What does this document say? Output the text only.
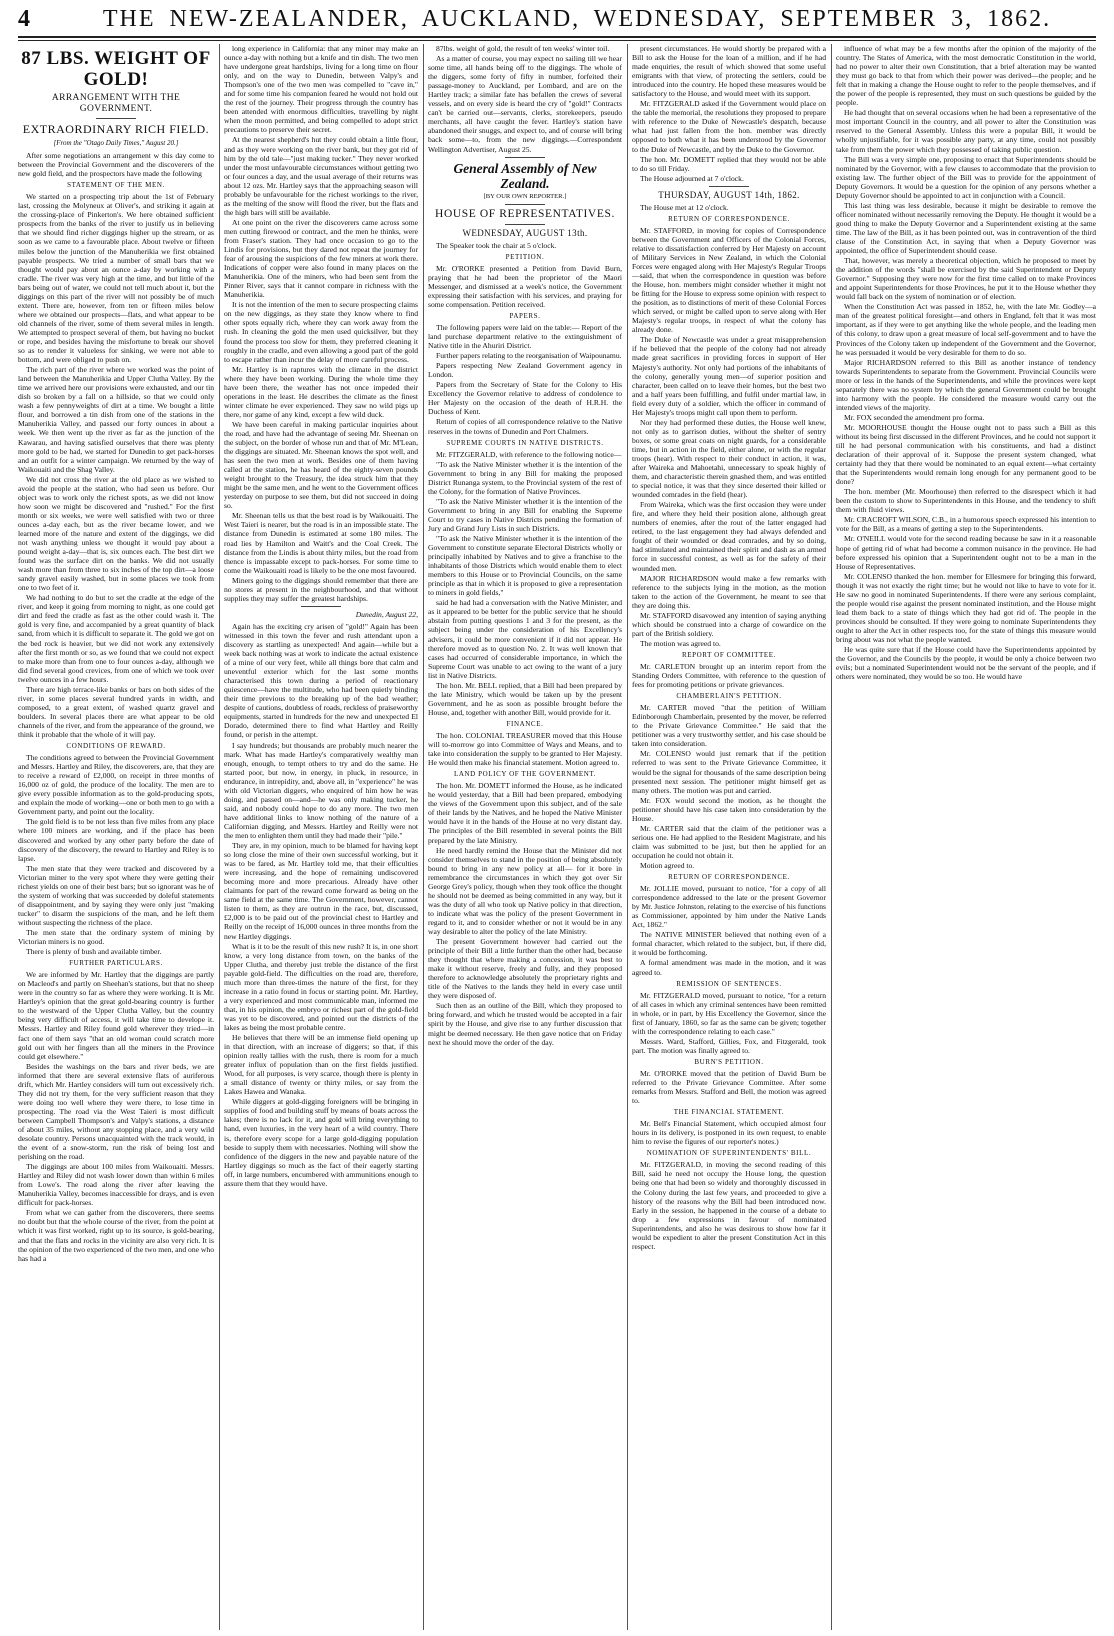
4	THE NEW-ZEALANDER, AUCKLAND, WEDNESDAY, SEPTEMBER 3, 1862.
87 LBS. WEIGHT OF GOLD!
ARRANGEMENT WITH THE GOVERNMENT.
EXTRAORDINARY RICH FIELD.
[From the "Otago Daily Times," August 20.]

After some negotiations an arrangement w this day come to between the Provincial Government and the discoverers of the new gold field, and the prospectors have made the following

STATEMENT OF THE MEN.

We started on a prospecting trip about the 1st of February last, crossing the Molyneux at Oliver's, and striking it again at the crossing-place of Pinkerton's. We here obtained sufficient prospects from the banks of the river to justify us in believing that we should find richer diggings higher up the stream, or as soon as we came to a favourable place. About twelve or fifteen miles below the junction of the Manuherikia we first obtained payable prospects. We tried a number of small bars that we thought would pay about an ounce a-day by working with a cradle. The river was very high at the time, and but little of the bars being out of water, we could not tell much about it, but the diggings on this part of the river will not possibly be of much extent. There are, however, from ten or fifteen miles below where we obtained our prospects—flats, and what appear to be old channels of the river, some of them several miles in length. We attempted to prospect several of them, but having no bucket or rope, and besides having the misfortune to break our shovel so as to render it valueless for sinking, we were not able to bottom, and were obliged to push on.

The rich part of the river where we worked was the point of land between the Manuherikia and Upper Clutha Valley. By the time we arrived here our provisions were exhausted, and our tin dish so broken by a fall on a hillside, so that we could only wash a few pennyweights of dirt at a time. We bought a little flour, and borrowed a tin dish from one of the stations in the Manuherikia Valley, and passed our forty ounces in about a week. We then went up the river as far as the junction of the Kawarau, and having satisfied ourselves that there was plenty more gold to be had, we started for Dunedin to get pack-horses and an outfit for a winter campaign. We returned by the way of Waikouaiti and the Shag Valley.

We did not cross the river at the old place as we wished to avoid the people at the station, who had seen us before. Our object was to work only the richest spots, as we did not know how soon we might be discovered and "rushed." For the first month or six weeks, we were well satisfied with two or three ounces a-day each, but as the river became lower, and we learned more of the nature and extent of the diggings, we did not wash anything unless we thought it would pay about a pound weight a-day—that is, six ounces each. The best dirt we found was the surface dirt on the banks. We did not usually wash more than from three to six inches of the top dirt—a loose sandy gravel easily washed, but in some places we took from one to two feet of it.

We had nothing to do but to set the cradle at the edge of the river, and keep it going from morning to night, as one could get dirt and feed the cradle as fast as the other could wash it. The gold is very fine, and accompanied by a great quantity of black sand, from which it is difficult to separate it. The gold we got on the bed rock is heavier, but we did not work any extensively after the first month or so, as we found that we could not expect to make more than from one to four ounces a-day, although we did find several good crevices, from one of which we took over twelve ounces in a few hours.

There are high terrace-like banks or bars on both sides of the river, in some places several hundred yards in width, and composed, to a great extent, of washed quartz gravel and boulders. In several places there are what appear to be old channels of the river, and from the appearance of the ground, we think it probable that the whole of it will pay.

CONDITIONS OF REWARD.

The conditions agreed to between the Provincial Government and Messrs. Hartley and Riley, the discoverers, are, that they are to receive a reward of £2,000, on receipt in three months of 16,000 oz of gold, the produce of the locality. The men are to give every possible information as to the gold-producing spots, and explain the mode of working—one or both men to go with a Government party, and point out the locality.

The gold field is to be not less than five miles from any place where 100 miners are working, and if the place has been discovered and worked by any other party before the date of discovery of the discovery, the reward to Hartley and Riley is to lapse.

The men state that they were tracked and discovered by a Victorian miner to the very spot where they were getting their richest yields on one of their best bars; but so ignorant was he of the system of working that was succeeded by doleful statements of disappointment, and by saying they were only just "making tucker" to disarm the suspicions of the man, and he left them without suspecting the richness of the place.

The men state that the ordinary system of mining by Victorian miners is no good.

There is plenty of bush and available timber.

FURTHER PARTICULARS.

We are informed by Mr. Hartley that the diggings are partly on Macleod's and partly on Sheehan's stations, but that no sheep were in the country so far as where they were working. It is Mr. Hartley's opinion that the great gold-bearing country is further to the westward of the Upper Clutha Valley, but the country being very difficult of access, it will take time to develope it. Messrs. Hartley and Riley found gold wherever they tried—in fact one of them says "that an old woman could scratch more gold out with her fingers than all the miners in the Province could get elsewhere."

Besides the washings on the bars and river beds, we are informed that there are several extensive flats of auriferous drift, which Mr. Hartley considers will turn out excessively rich. They did not try them, for the very sufficient reason that they were doing too well where they were there, to lose time in prospecting. The road via the West Taieri is most difficult between Campbell Thompson's and Valpy's stations, a distance of about 35 miles, without any stopping place, and a very wild desolate country. Persons unacquainted with the track would, in the event of a snow-storm, run the risk of being lost and perishing on the road.

The diggings are about 100 miles from Waikouaiti. Messrs. Hartley and Riley did not wash lower down than within 6 miles from Lowe's. The road along the river after leaving the Manuherikia Valley, becomes inaccessible for drays, and is even difficult for pack-horses.

From what we can gather from the discoverers, there seems no doubt but that the whole course of the river, from the point at which it was first worked, right up to its source, is gold-bearing, and that the flats and rocks in the vicinity are also very rich. It is the opinion of the two experienced of the two men, and one who has had a

long experience in California: that any miner may make an ounce a-day with nothing but a knife and tin dish. The two men have undergone great hardships, living for a long time on flour only, and on the way to Dunedin, between Valpy's and Thompson's one of the two men was compelled to "cave in," and for some time his companion feared he would not hold out the rest of the journey. Their progress through the country has been attended with enormous difficulties, travelling by night when the moon permitted, and being compelled to adopt strict precautions to preserve their secret.

At the nearest shepherd's hut they could obtain a little flour, and as they were working on the river bank, but they got rid of him by the old tale—"just making tucker." They never worked under the most unfavourable circumstances without getting two or four ounces a day, and the usual average of their returns was about 12 ozs. Mr. Hartley says that the approaching season will probably be unfavourable for the richest workings to the river, as the melting of the snow will flood the river, but the flats and the high bars will still be available.

At one point on the river the discoverers came across some men cutting firewood or contract, and the men he thinks, were from Fraser's station. They had once occasion to go to the Lindis for provisions, but they dared not repeat the journey for fear of arousing the suspicions of the few miners at work there. Indications of copper were also found in many places on the Manuherikia. One of the miners, who had been sent from the Pinner River, says that it cannot compare in richness with the Manuherikia.

It is not the intention of the men to secure prospecting claims on the new diggings, as they state they know where to find other spots equally rich, where they can work away from the rush. In cleaning the gold the men used quicksilver, but they found the process too slow for them, they preferred cleaning it roughly in the cradle, and even allowing a good part of the gold to escape rather than incur the delay of more careful process.

Mr. Hartley is in raptures with the climate in the district where they have been working. During the whole time they have been there, the weather has not once impeded their operations in the least. He describes the climate as the finest winter climate he ever experienced. They saw no wild pigs up there, nor game of any kind, except a few wild duck.

We have been careful in making particular inquiries about the road, and have had the advantage of seeing Mr. Sheenan on the subject, on the border of whose run and that of Mr. M'Lean, the diggings are situated. Mr. Sheenan knows the spot well, and has seen the two men at work. Besides one of them having called at the station, he has heard of the eighty-seven pounds weight brought to the Treasury, the idea struck him that they might be the same men, and he went to the Government offices yesterday on purpose to see them, but did not succeed in doing so.

Mr. Sheenan tells us that the best road is by Waikouaiti. The West Taieri is nearer, but the road is in an impossible state. The distance from Dunedin is estimated at some 180 miles. The road lies by Hamilton and Waitt's and the Coal Creek. The distance from the Lindis is about thirty miles, but the road from thence is impassable except to pack-horses. For some time to come the Waikouaiti road is likely to be the one most favoured.

Miners going to the diggings should remember that there are no stores at present in the neighbourhood, and that without supplies they may suffer the greatest hardships.

Dunedin, August 22,

Again has the exciting cry arisen of "gold!" Again has been witnessed in this town the fever and rush attendant upon a discovery as startling as unexpected! And again—while but a week back nothing was at work to indicate the actual existence of a mine of our very feet, while all things bore that calm and uneventful exterior which for the last some months characterised this town during a period of reactionary quiescence—have the multitude, who had been quietly binding their time previous to the breaking up of the bad weather; despite of cautions, doubtless of roads, reckless of praiseworthy equipments, started in hundreds for the new and unexpected El Dorado, determined there to find what Hartley and Reilly found, or perish in the attempt.

I say hundreds; but thousands are probably much nearer the mark. What has made Hartley's comparatively wealthy man enough, enough, to tempt others to try and do the same. He started poor, but now, in energy, in pluck, in resource, in endurance, in intrepidity, and, above all, in "experience" he was with old Victorian diggers, who enquired of him how he was doing, and passed on—and—he was only making tucker, he said, and nobody could hope to do any more. The two men have additional links to know nothing of the nature of a Californian digging, and Messrs. Hartley and Reilly were not the men to enlighten them until they had made their "pile."

They are, in my opinion, much to be blamed for having kept so long close the mine of their own successful working, but it was to be fared, as Mr. Hartley told me, that their efficulties were increasing, and the hope of remaining undiscovered becoming more and more precarious. Already have other claimants for part of the reward come forward as being on the same field at the same time. The Government, however, cannot listen to them, as they are outrun in the race, but, discussed, £2,000 is to be paid out of the provincial chest to Hartley and Reilly on the receipt of 16,000 ounces in three months from the new Hartley diggings.

What is it to be the result of this new rush? It is, in one short know, a very long distance from town, on the banks of the Upper Clutha, and thereby just treble the distance of the first payable gold-field. The difficulties on the road are, therefore, much more than three-times the nature of the first, for they increase in a ratio found in focus or starting point. Mr. Hartley, a very experienced and most communicable man, informed me that, in his opinion, the embryo or richest part of the gold-field was yet to be discovered, and pointed out the districts of the lakes as being the most probable centre.

He believes that there will be an immense field opening up in that direction, with an increase of diggers; so that, if this opinion really tallies with the rush, there is room for a much greater influx of population than on the first fields justified. Wood, for all purposes, is very scarce, though there is plenty in a small distance of twenty or thirty miles, or say from the Lakes Hawea and Wanaka.

While diggers at gold-digging foreigners will be bringing in supplies of food and building stuff by means of boats across the lakes; there is no lack for it, and gold will bring everything to hand, even luxuries, in the very heart of a wild country. There is, therefore every scope for a large gold-digging population beside to supply them with necessaries. Nothing will show the confidence of the diggers in the new and payable nature of the Hartley diggings so much as the fact of their eagerly starting off, in large numbers, encumbered with ammunitions enough to assure them that they would have.

87lbs. weight of gold, the result of ten weeks' winter toil.

As a matter of course, you may expect no sailing till we hear some time, all hands being off to the diggings. The whole of the diggers, some forty of fifty in number, forfeited their passage-money to Auckland, per Lombard, and are on the Hartley track; a similar fate has befallen the crews of several vessels, and on every side is heard the cry of "gold!" Contracts can't be carried out—servants, clerks, storekeepers, pseudo merchants, all have caught the fever. Hartley's station have abandoned their snuggs, and expect to, and of course will bring back some—to, from the new diggings.—Correspondent Wellington Advertiser, August 25.

General Assembly of New Zealand.
[BY OUR OWN REPORTER.]
HOUSE OF REPRESENTATIVES.
WEDNESDAY, AUGUST 13th.

The Speaker took the chair at 5 o'clock.

PETITION.

Mr. O'RORKE presented a Petition from David Burn, praying that he had been the proprietor of the Maori Messenger, and dismissed at a week's notice, the Government expressing their satisfaction with his services, and praying for some compensation. Petition received.

PAPERS.

The following papers were laid on the table:— Report of the land purchase department relative to the extinguishment of Native title in the Ahuriri District.

Further papers relating to the reorganisation of Waipounamu.

Papers respecting New Zealand Government agency in London.

Papers from the Secretary of State for the Colony to His Excellency the Governor relative to address of condolence to Her Majesty on the occasion of the death of H.R.H. the Duchess of Kent.

Return of copies of all correspondence relative to the Native reserves in the towns of Dunedin and Port Chalmers.

SUPREME COURTS IN NATIVE DISTRICTS.

Mr. FITZGERALD, with reference to the following notice—

"To ask the Native Minister whether it is the intention of the Government to bring in any Bill for making the proposed District Runanga system, to the Provincial system of the rest of the Colony, for the formation of Native Provinces.

"To ask the Native Minister whether it is the intention of the Government to bring in any Bill for enabling the Supreme Court to try cases in Native Districts pending the formation of Jury and Grand Jury Lists in such Districts.

"To ask the Native Minister whether it is the intention of the Government to constitute separate Electoral Districts wholly or principally inhabited by Natives and to give a franchise to the inhabitants of those Districts which would enable them to elect members to this House or to Provincial Councils, on the same principle as that in which it is proposed to give a representation to miners in gold fields,"

said he had had a conversation with the Native Minister, and as it appeared to be better for the public service that he should abstain from putting questions 1 and 3 for the present, as the subject being under the consideration of his Excellency's advisers, it could be more convenient if it did not appear. He therefore moved as to question No. 2. It was well known that cases had occurred of considerable importance, in which the Supreme Court was unable to act owing to the want of a jury list in Native Districts.

The hon. Mr. BELL replied, that a Bill had been prepared by the late Ministry, which would be taken up by the present Government, and he as soon as possible brought before the House, and, together with another Bill, would provide for it.

FINANCE.

The hon. COLONIAL TREASURER moved that this House will to-morrow go into Committee of Ways and Means, and to take into consideration the supply to be granted to Her Majesty. He would then make his financial statement. Motion agreed to.

LAND POLICY OF THE GOVERNMENT.

The hon. Mr. DOMETT informed the House, as he indicated he would yesterday, that a Bill had been prepared, embodying the views of the Government upon this subject, and of the sale of their lands by the Natives, and he hoped the Native Minister would have it in the hands of the House at no very distant day. The principles of the Bill resembled in several points the Bill prepared by the late Ministry.

He need hardly remind the House that the Minister did not consider themselves to stand in the position of being absolutely bound to bring in any new policy at all— for it bore in remembrance the circumstances in which they got over Sir George Grey's policy, though when they took office the thought he should not be deemed as being committed in any way, but it was the duty of all who took up Native policy in that direction, to indicate what was the policy of the present Government in regard to it, and to consider whether or not it would be in any way desirable to alter the policy of the late Ministry.

The present Government however had carried out the principle of their Bill a little further than the other had, because they thought that where making a concession, it was best to make it without reserve, freely and fully, and they proposed therefore to acknowledge absolutely the proprietary rights and title of the Natives to the lands they held in every case until they were disposed of.

Such then as an outline of the Bill, which they proposed to bring forward, and which he trusted would be accepted in a fair spirit by the House, and give rise to any further discussion that might be deemed necessary. He then gave notice that on Friday next he should move the order of the day.

present circumstances. He would shortly be prepared with a Bill to ask the House for the loan of a million, and if he had made enquiries, the result of which showed that some useful emigrants with that view, of protecting the settlers, could be introduced into the country. He hoped these measures would be satisfactory to the House, and would meet with its support.

Mr. FITZGERALD asked if the Government would place on the table the memorial, the resolutions they proposed to prepare with reference to the Duke of Newcastle's despatch, because what had just fallen from the hon. member was directly opposed to both what it has been understood by the Governor to the Duke of Newcastle, and by the Duke to the Governor.

The hon. Mr. DOMETT replied that they would not be able to do so till Friday.

The House adjourned at 7 o'clock.

THURSDAY, AUGUST 14th, 1862.

The House met at 12 o'clock.

RETURN OF CORRESPONDENCE.

Mr. STAFFORD, in moving for copies of Correspondence between the Government and Officers of the Colonial Forces, relative to dissatisfaction conferred by Her Majesty on account of Military Services in New Zealand, in which the Colonial Forces were engaged along with Her Majesty's Regular Troops—said, that when the correspondence in question was before the House, hon. members might consider whether it might not be fitting for the House to express some opinion with respect to the position, as to distinctions of merit of these Colonial Forces which served, or might be called upon to serve along with Her Majesty's regular troops, in respect of what the colony has already done.

The Duke of Newcastle was under a great misapprehension if he believed that the people of the colony had not already made great sacrifices in providing forces in support of Her Majesty's authority. Not only had portions of the inhabitants of the colony, generally young men—of superior position and character, been called on to leave their homes, but the best two and a half years been fulfilling, and fulfil under martial law, in field every duty of a soldier, which the officer in command of Her Majesty's troops might call upon them to perform.

Nor they had performed these duties, the House well knew, not only as to garrison duties, without the shelter of sentry boxes, or some great coats on night guards, for a considerable time, but in action in the field, either alone, or with the regular troops (hear). With respect to their conduct in action, it was, after Waireka and Mahoetahi, unnecessary to speak highly of them, and characteristic therein gnashed them, and was entitled to special notice, it was that they since deserted their killed or wounded comrades in the field (hear).

From Waireka, which was the first occasion they were under fire, and where they held their position alone, although great numbers of enemies, after the rout of the latter engaged had retired, to the last engagement they had always defended and fought of their wounded or dead comrades, and by so doing, had stimulated and maintained their spirit and dash as an armed force in successful contest, as well as for the safety of their wounded men.

MAJOR RICHARDSON would make a few remarks with reference to the subjects lying in the motion, as the motion taken to the action of the Government, he meant to see that they are doing this.

Mr. STAFFORD disavowed any intention of saying anything which should be construed into a charge of cowardice on the part of the British soldiery.

The motion was agreed to.

REPORT OF COMMITTEE.

Mr. CARLETON brought up an interim report from the Standing Orders Committee, with reference to the question of fees for promoting petitions or private grievances.

CHAMBERLAIN'S PETITION.

Mr. CARTER moved "that the petition of William Edinborough Chamberlain, presented by the mover, be referred to the Private Grievance Committee." He said that the petitioner was a very trustworthy settler, and his case should be taken into consideration.

Mr. COLENSO would just remark that if the petition referred to was sent to the Private Grievance Committee, it would be the signal for thousands of the same description being presented next session. The petitioner might himself get as many others. The motion was put and carried.

Mr. FOX would second the motion, as he thought the petitioner should have his case taken into consideration by the House.

Mr. CARTER said that the claim of the petitioner was a serious one. He had applied to the Resident Magistrate, and his claim was submitted to be just, but then he applied for an occupation he could not obtain it.

Motion agreed to.

RETURN OF CORRESPONDENCE.

Mr. JOLLIE moved, pursuant to notice, "for a copy of all correspondence addressed to the late or the present Governor by Mr. Justice Johnston, relating to the exercise of his functions as Commissioner, appointed by him under the Native Lands Act, 1862."

The NATIVE MINISTER believed that nothing even of a formal character, which related to the subject, but, if there did, it would be forthcoming.

A formal amendment was made in the motion, and it was agreed to.

REMISSION OF SENTENCES.

Mr. FITZGERALD moved, pursuant to notice, "for a return of all cases in which any criminal sentences have been remitted in whole, or in part, by His Excellency the Governor, since the first of January, 1860, so far as the same can be given; together with the correspondence relating to each case."

Messrs. Ward, Stafford, Gillies, Fox, and Fitzgerald, took part. The motion was finally agreed to.

BURN'S PETITION.

Mr. O'RORKE moved that the petition of David Burn be referred to the Private Grievance Committee. After some remarks from Messrs. Stafford and Bell, the motion was agreed to.

THE FINANCIAL STATEMENT.

Mr. Bell's Financial Statement, which occupied almost four hours in its delivery, is postponed in its own request, to enable him to revise the figures of our reporter's notes.)

NOMINATION OF SUPERINTENDENTS' BILL.

Mr. FITZGERALD, in moving the second reading of this Bill, said he need not occupy the House long, the question being one that had been so widely and thoroughly discussed in the Colony during the last few years, and proceeded to give a history of the reasons why the Bill had been introduced now. Early in the session, he happened in the course of a debate to drop a few expressions in favour of nominated Superintendents, and also he was desirous to show how far it would be expedient to alter the present Constitution Act in this respect.

influence of what may be a few months after the opinion of the majority of the country. The States of America, with the most democratic Constitution in the world, had no power to alter their own Constitution, that a brief alteration may be wanted they must go back to that from which their power was derived—the people; and he felt that in making a change the House ought to refer to the people themselves, and if the power of the people is represented, they must on such questions be guided by the people.

He had thought that on several occasions when he had been a representative of the most important Council in the country, and all power to alter the Constitution was reserved to the General Assembly. Unless this were a popular Bill, it would be wholly unjustifiable, for it was possible any party, at any time, could not possibly take from them the power which they possessed of taking public question.

The Bill was a very simple one, proposing to enact that Superintendents should be nominated by the Governor, with a few clauses to accommodate that the provision to existing law. The further object of the Bill was to provide for the appointment of Deputy Governors. It would be a question for the opinion of any persons whether a Deputy Governor should be appointed to act in conjunction with a Council.

This last thing was less desirable, because it might be desirable to remove the officer nominated without necessarily removing the Deputy. He thought it would be a good thing to make the Deputy Governor and a Superintendent existing at the same time. The law of the Bill, as it has been pointed out, was in contravention of the third clause of the Constitution Act, in saying that when a Deputy Governor was appointed, the office of Superintendent should cease.

That, however, was merely a theoretical objection, which he proposed to meet by the addition of the words "shall be exercised by the said Superintendent or Deputy Governor." Supposing they were now for the first time called on to make Provinces and appoint Superintendents for those Provinces, he put it to the House whether they would fall back on the system of nomination or of election.

When the Constitution Act was passed in 1852, he, with the late Mr. Godley—a man of the greatest political foresight—and others in England, felt that it was most important, as if they were to get anything like the whole people, and the leading men of this colony, to draw upon a great measure of local self-government and to have the Provinces of the Colony taken up independent of the Government and the Governor, he was persuaded it would be very desirable for them to do so.

Major RICHARDSON referred to this Bill as another instance of tendency towards Superintendents to separate from the Government. Provincial Councils were more or less in the hands of the Superintendents, and while the provinces were kept separately there was no system by which the general Government could be brought into harmony with the people. He considered the measure would carry out the intended views of the majority.

Mr. FOX seconded the amendment pro forma.

Mr. MOORHOUSE thought the House ought not to pass such a Bill as this without its being first discussed in the different Provinces, and he could not support it till he had personal communication with his constituents, and had a distinct declaration of their approval of it. Suppose the present system changed, what certainty had they that there would be nominated to an equal extent—what certainty that the Superintendents would remain long enough for any permanent good to be done?

The hon. member (Mr. Moorhouse) then referred to the disrespect which it had been the custom to show to Superintendents in this House, and the tendency to shift them with fluid views.

Mr. CRACROFT WILSON, C.B., in a humorous speech expressed his intention to vote for the Bill, as a means of getting a step to the Superintendents.

Mr. O'NEILL would vote for the second reading because he saw in it a reasonable hope of getting rid of what had become a common nuisance in the province. He had before expressed his opinion that a Superintendent ought not to be a man in the House of Representatives.

Mr. COLENSO thanked the hon. member for Ellesmere for bringing this forward, though it was not exactly the right time; but he would not like to have to vote for it. He saw no good in nominated Superintendents. If there were any serious complaint, the people would rise against the present nominated institution, and the House might lead them back to a state of things which they had got rid of. The people in the provinces should be consulted. If they were going to nominate Superintendents they ought to alter the Act in other respects too, for the state of things this measure would bring about was not what the people wanted.

He was quite sure that if the House could have the Superintendents appointed by the Governor, and the Councils by the people, it would be only a choice between two evils; but a nominated Superintendent would not be the servant of the people, and if others were nominated, they would be so too. He would have
